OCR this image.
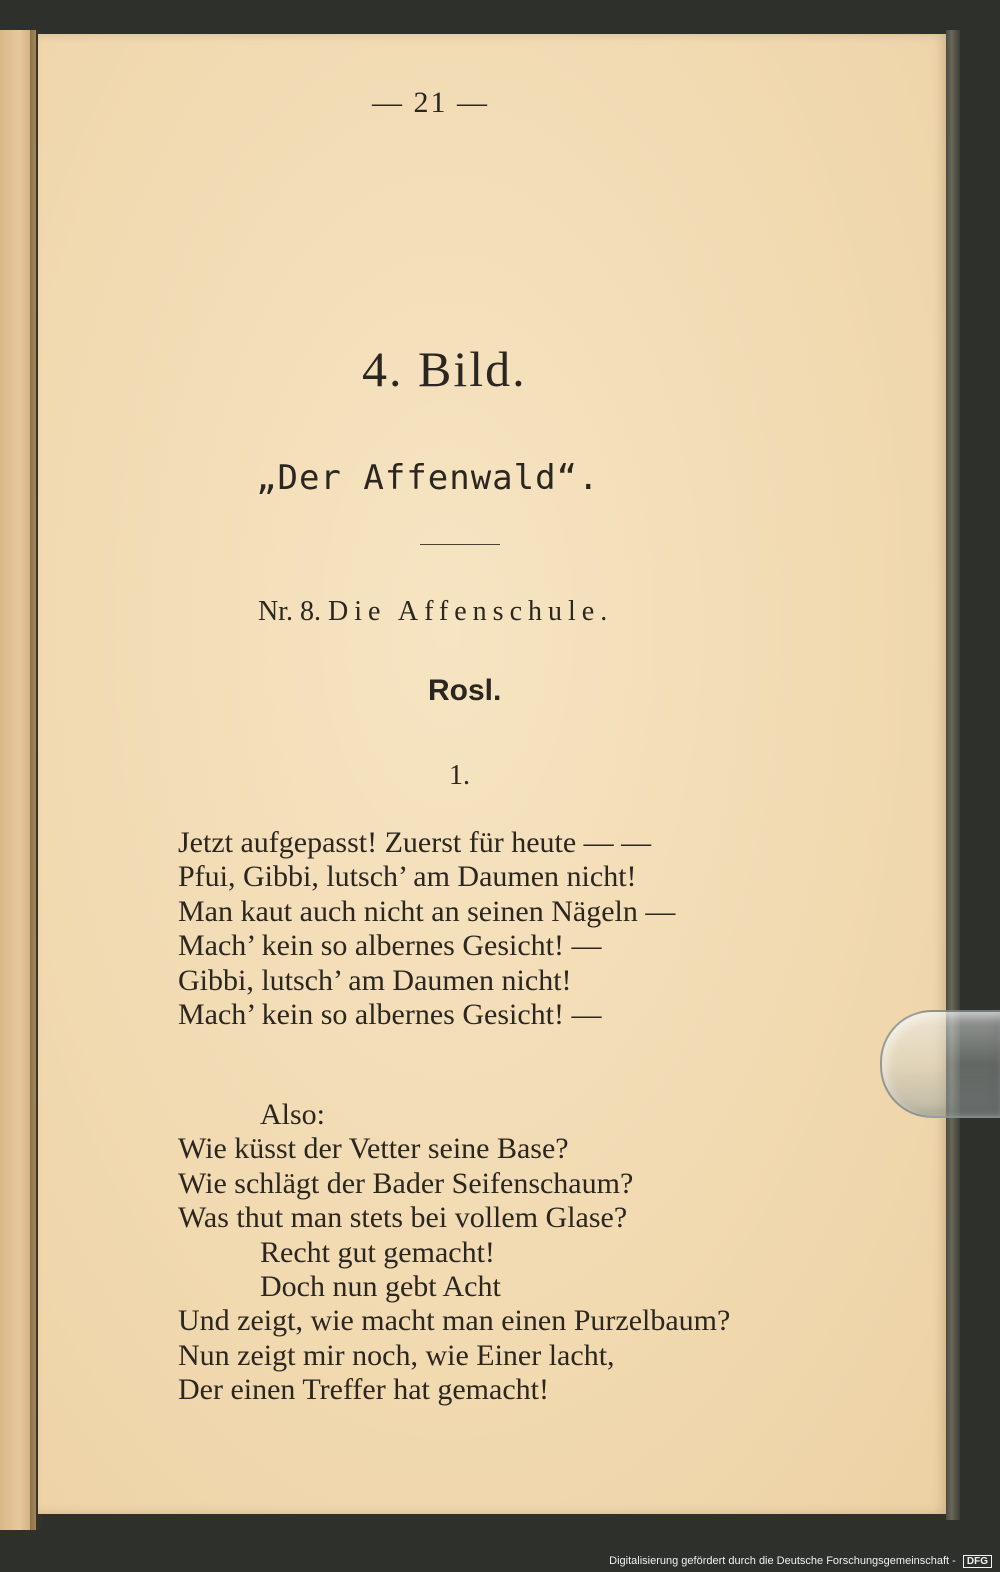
— 21 —

4. Bild.
„Der Affenwald“.

Nr. 8. Die Affenschule.

Rosl.

1.

Jetzt aufgepasst! Zuerst für heute — —
Pfui, Gibbi, lutsch’ am Daumen nicht!
Man kaut auch nicht an seinen Nägeln —
Mach’ kein so albernes Gesicht! —
Gibbi, lutsch’ am Daumen nicht!
Mach’ kein so albernes Gesicht! —
Also:
Wie küsst der Vetter seine Base?
Wie schlägt der Bader Seifenschaum?
Was thut man stets bei vollem Glase?
Recht gut gemacht!
Doch nun gebt Acht
Und zeigt, wie macht man einen Purzelbaum?
Nun zeigt mir noch, wie Einer lacht,
Der einen Treffer hat gemacht!
Digitalisierung gefördert durch die Deutsche Forschungsgemeinschaft - DFG
